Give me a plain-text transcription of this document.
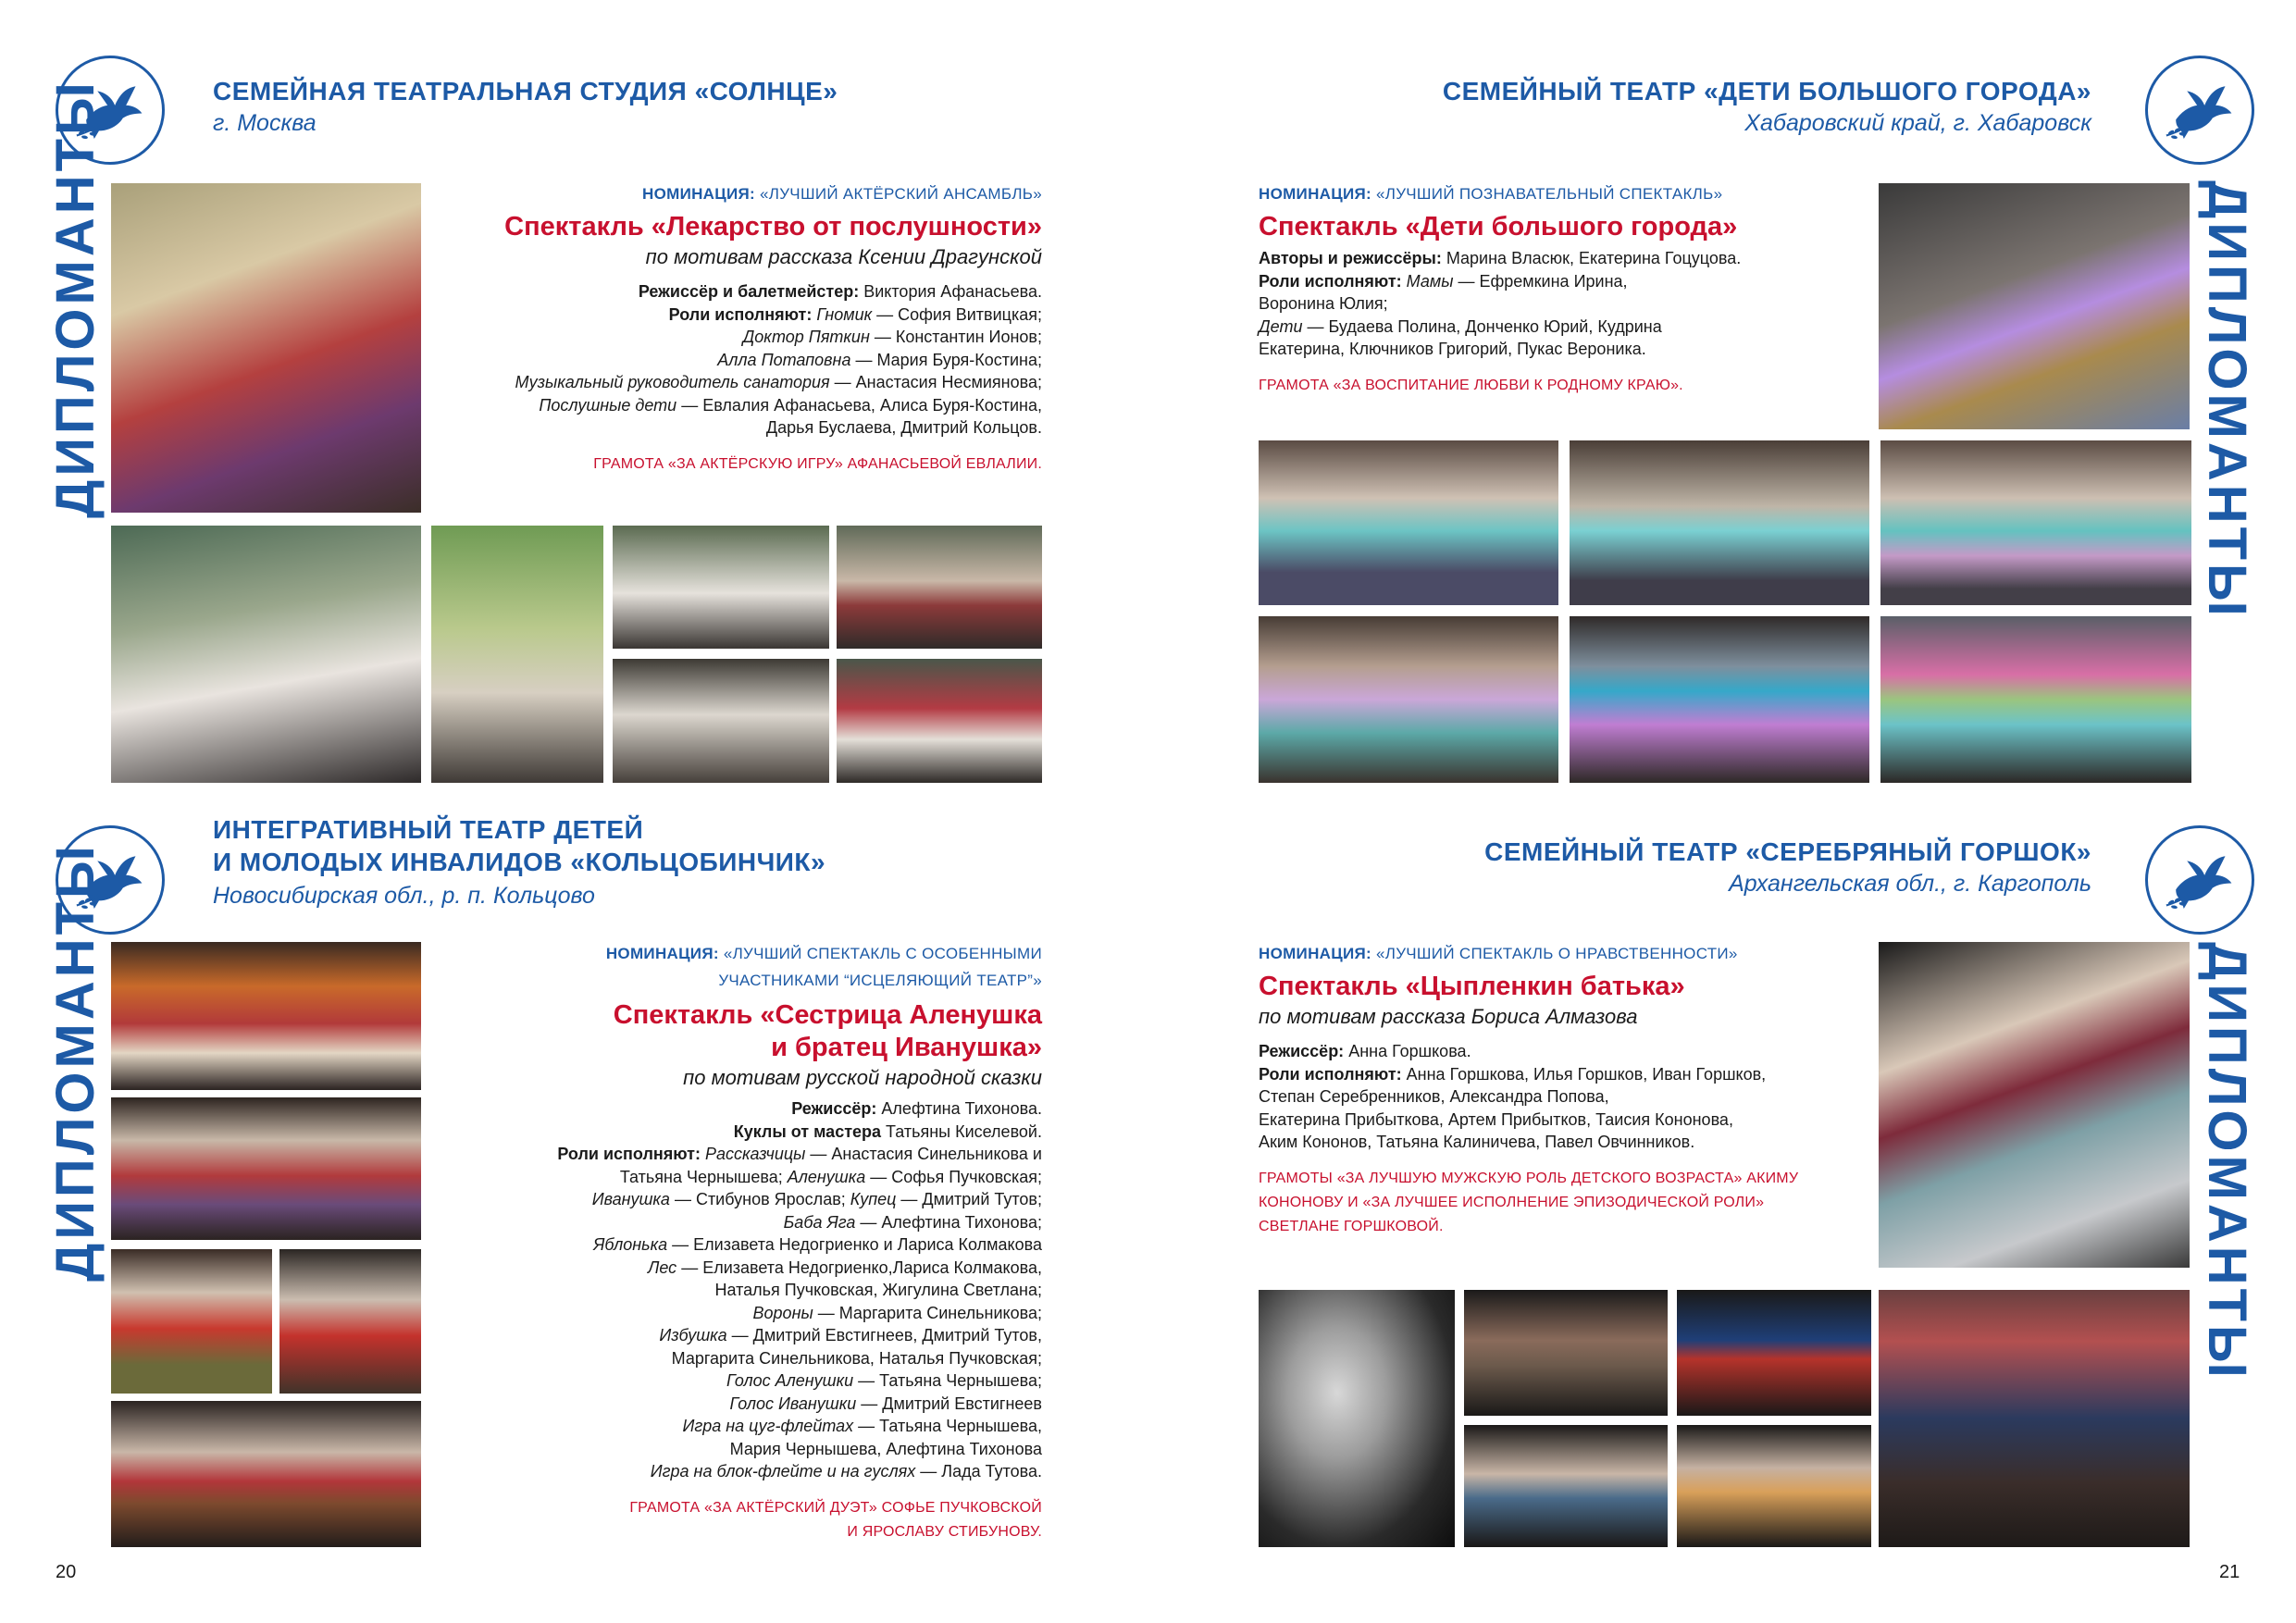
СЕМЕЙНАЯ ТЕАТРАЛЬНАЯ СТУДИЯ «СОЛНЦЕ»
г. Москва
ДИПЛОМАНТЫ	НОМИНАЦИЯ: «ЛУЧШИЙ АКТЁРСКИЙ АНСАМБЛЬ»
Спектакль «Лекарство от послушности»
по мотивам рассказа Ксении Драгунской
Режиссёр и балетмейстер: Виктория Афанасьева.
Роли исполняют: Гномик — София Витвицкая;
Доктор Пяткин — Константин Ионов;
Алла Потаповна — Мария Буря-Костина;
Музыкальный руководитель санатория — Анастасия Несмиянова;
Послушные дети — Евлалия Афанасьева, Алиса Буря-Костина,
Дарья Буслаева, Дмитрий Кольцов.
ГРАМОТА «ЗА АКТЁРСКУЮ ИГРУ» АФАНАСЬЕВОЙ ЕВЛАЛИИ.
СЕМЕЙНЫЙ ТЕАТР «ДЕТИ БОЛЬШОГО ГОРОДА»
Хабаровский край, г. Хабаровск
ДИПЛОМАНТЫ
НОМИНАЦИЯ: «ЛУЧШИЙ ПОЗНАВАТЕЛЬНЫЙ СПЕКТАКЛЬ»
Спектакль «Дети большого города»
Авторы и режиссёры: Марина Власюк, Екатерина Гоцуцова.
Роли исполняют: Мамы — Ефремкина Ирина,
Воронина Юлия;
Дети — Будаева Полина, Донченко Юрий, Кудрина
Екатерина, Ключников Григорий, Пукас Вероника.
ГРАМОТА «ЗА ВОСПИТАНИЕ ЛЮБВИ К РОДНОМУ КРАЮ».
ИНТЕГРАТИВНЫЙ ТЕАТР ДЕТЕЙ
И МОЛОДЫХ ИНВАЛИДОВ «КОЛЬЦОБИНЧИК»
Новосибирская обл., р. п. Кольцово
ДИПЛОМАНТЫ	НОМИНАЦИЯ: «ЛУЧШИЙ СПЕКТАКЛЬ С ОСОБЕННЫМИ
УЧАСТНИКАМИ “ИСЦЕЛЯЮЩИЙ ТЕАТР”»
Спектакль «Сестрица Аленушка
и братец Иванушка»
по мотивам русской народной сказки
Режиссёр: Алефтина Тихонова.
Куклы от мастера Татьяны Киселевой.
Роли исполняют: Рассказчицы — Анастасия Синельникова и
Татьяна Чернышева; Аленушка — Софья Пучковская;
Иванушка — Стибунов Ярослав; Купец — Дмитрий Тутов;
Баба Яга — Алефтина Тихонова;
Яблонька — Елизавета Недогриенко и Лариса Колмакова
Лес — Елизавета Недогриенко,Лариса Колмакова,
Наталья Пучковская, Жигулина Светлана;
Вороны — Маргарита Синельникова;
Избушка — Дмитрий Евстигнеев, Дмитрий Тутов,
Маргарита Синельникова, Наталья Пучковская;
Голос Аленушки — Татьяна Чернышева;
Голос Иванушки — Дмитрий Евстигнеев
Игра на цуг-флейтах — Татьяна Чернышева,
Мария Чернышева, Алефтина Тихонова
Игра на блок-флейте и на гуслях — Лада Тутова.
ГРАМОТА «ЗА АКТЁРСКИЙ ДУЭТ» СОФЬЕ ПУЧКОВСКОЙ
И ЯРОСЛАВУ СТИБУНОВУ.
СЕМЕЙНЫЙ ТЕАТР «СЕРЕБРЯНЫЙ ГОРШОК»
Архангельская обл., г. Каргополь
ДИПЛОМАНТЫ
НОМИНАЦИЯ: «ЛУЧШИЙ СПЕКТАКЛЬ О НРАВСТВЕННОСТИ»
Спектакль «Цыпленкин батька»
по мотивам рассказа Бориса Алмазова
Режиссёр: Анна Горшкова.
Роли исполняют: Анна Горшкова, Илья Горшков, Иван Горшков,
Степан Серебренников, Александра Попова,
Екатерина Прибыткова, Артем Прибытков, Таисия Кононова,
Аким Кононов, Татьяна Калиничева, Павел Овчинников.
ГРАМОТЫ «ЗА ЛУЧШУЮ МУЖСКУЮ РОЛЬ ДЕТСКОГО ВОЗРАСТА» АКИМУ
КОНОНОВУ И «ЗА ЛУЧШЕЕ ИСПОЛНЕНИЕ ЭПИЗОДИЧЕСКОЙ РОЛИ»
СВЕТЛАНЕ ГОРШКОВОЙ.
20	21
